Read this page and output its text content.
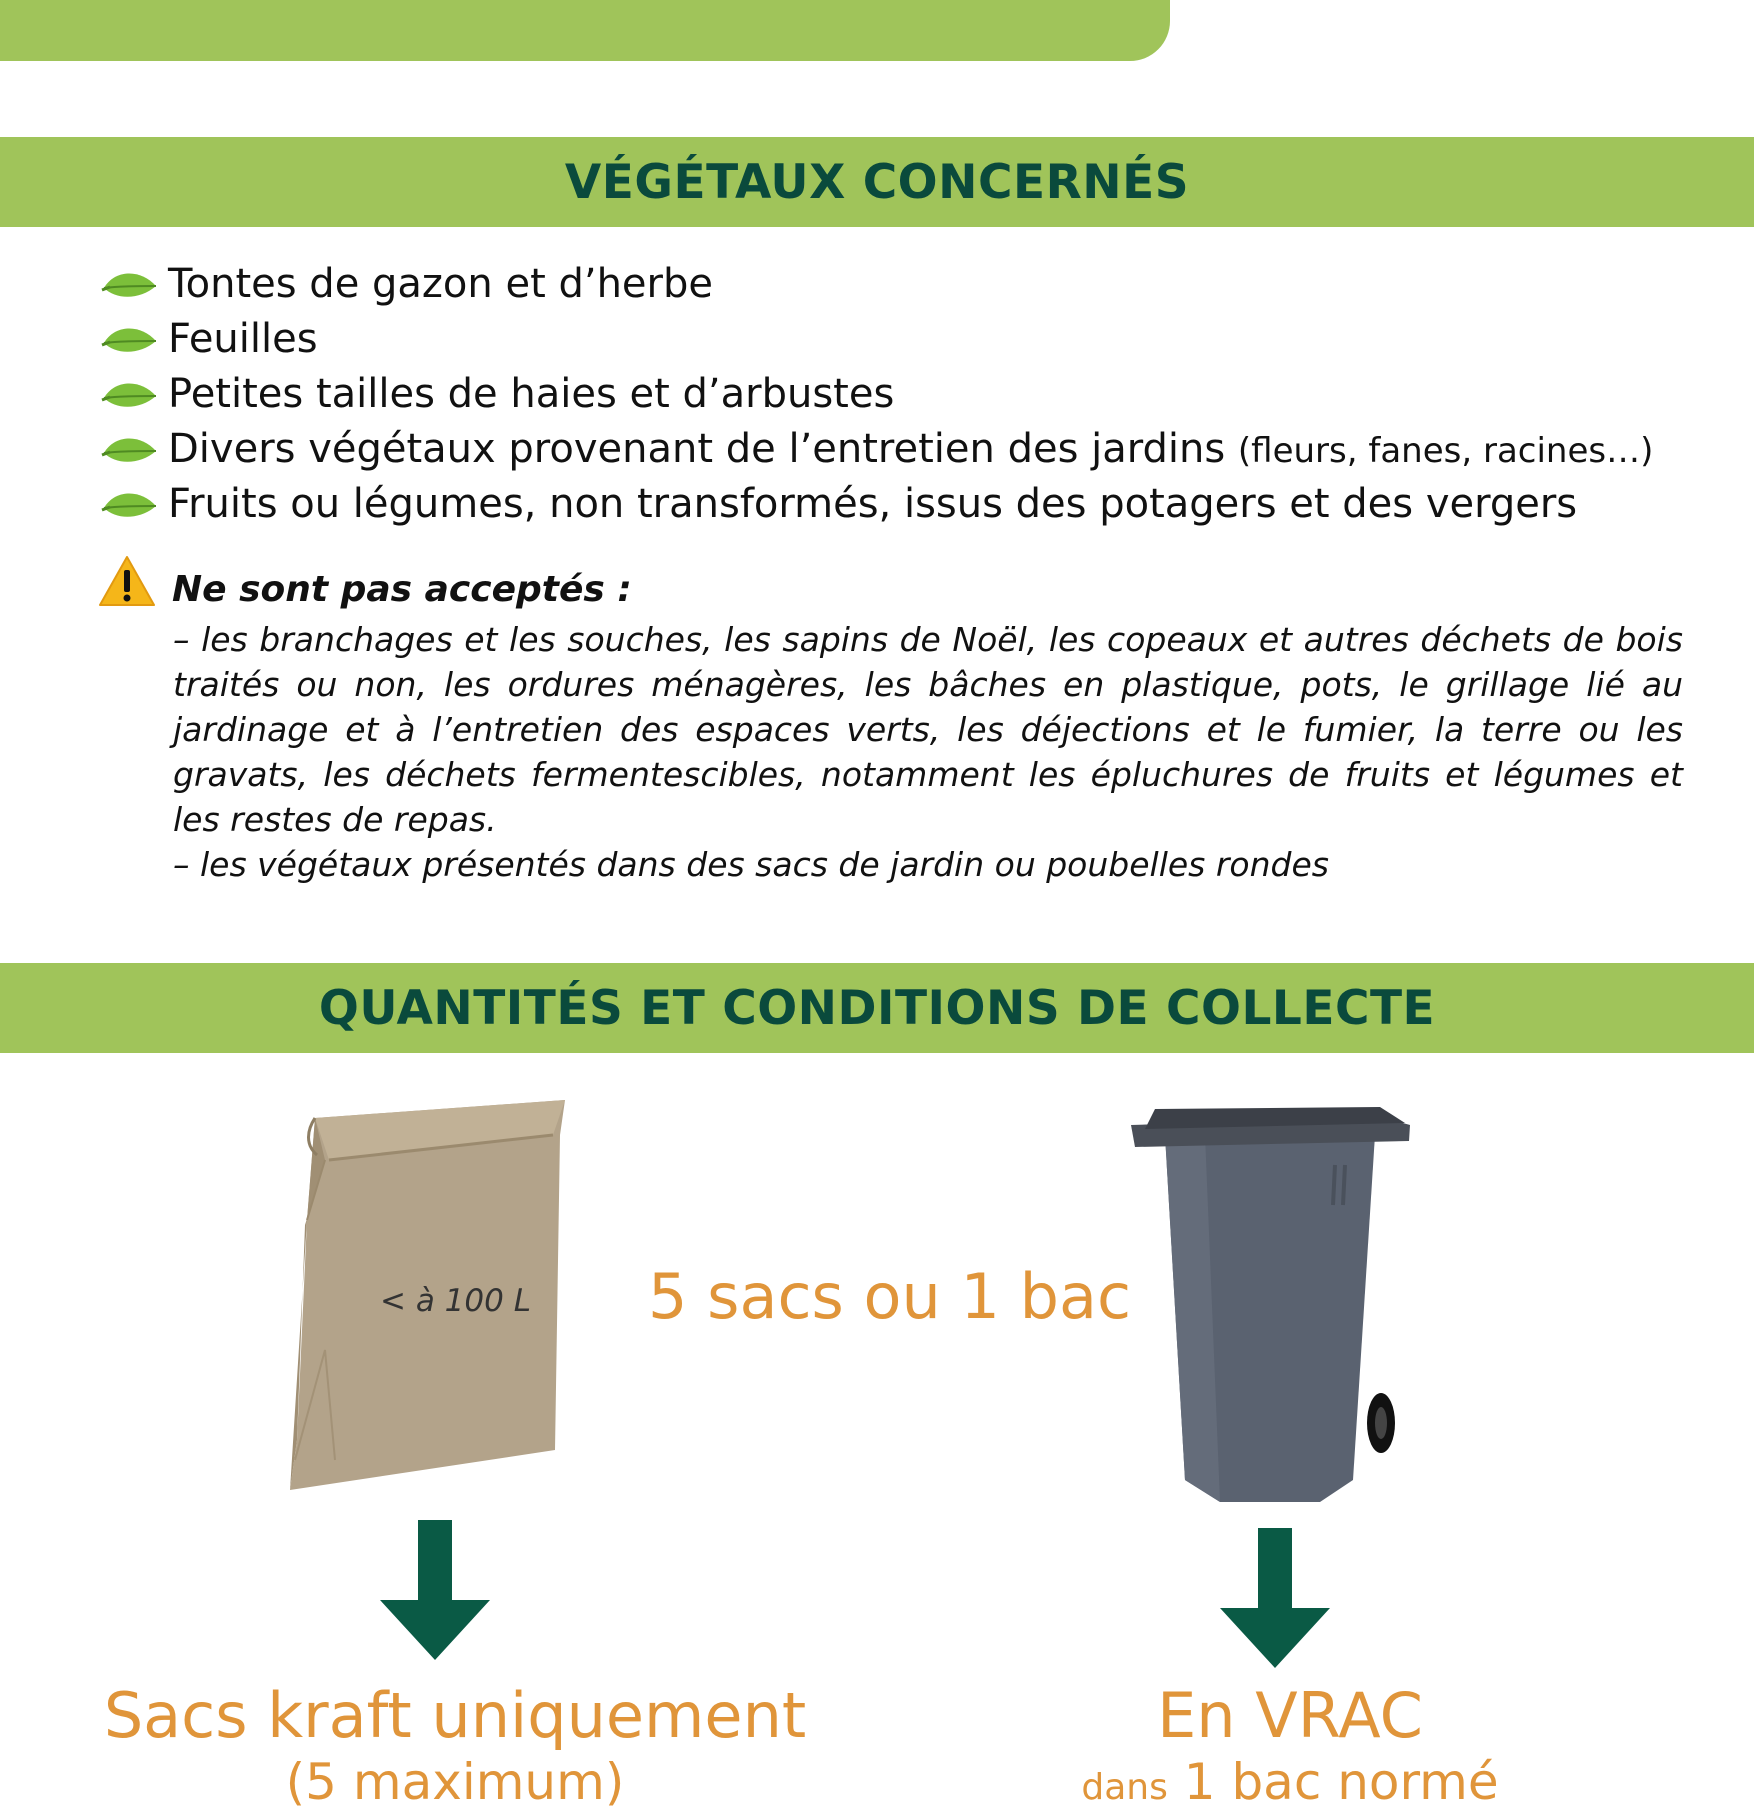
VÉGÉTAUX CONCERNÉS
Tontes de gazon et d’herbe
Feuilles
Petites tailles de haies et d’arbustes
Divers végétaux provenant de l’entretien des jardins (fleurs, fanes, racines…)
Fruits ou légumes, non transformés, issus des potagers et des vergers
Ne sont pas acceptés :

– les branchages et les souches, les sapins de Noël, les copeaux et autres déchets de bois traités ou non, les ordures ménagères, les bâches en plastique, pots, le grillage lié au jardinage et à l’entretien des espaces verts, les déjections et le fumier, la terre ou les gravats, les déchets fermentescibles, notamment les épluchures de fruits et légumes et les restes de repas.

– les végétaux présentés dans des sacs de jardin ou poubelles rondes

QUANTITÉS ET CONDITIONS DE COLLECTE
< à 100 L 5 sacs ou 1 bac
Sacs kraft uniquement
(5 maximum)
En VRAC
dans 1 bac normé
